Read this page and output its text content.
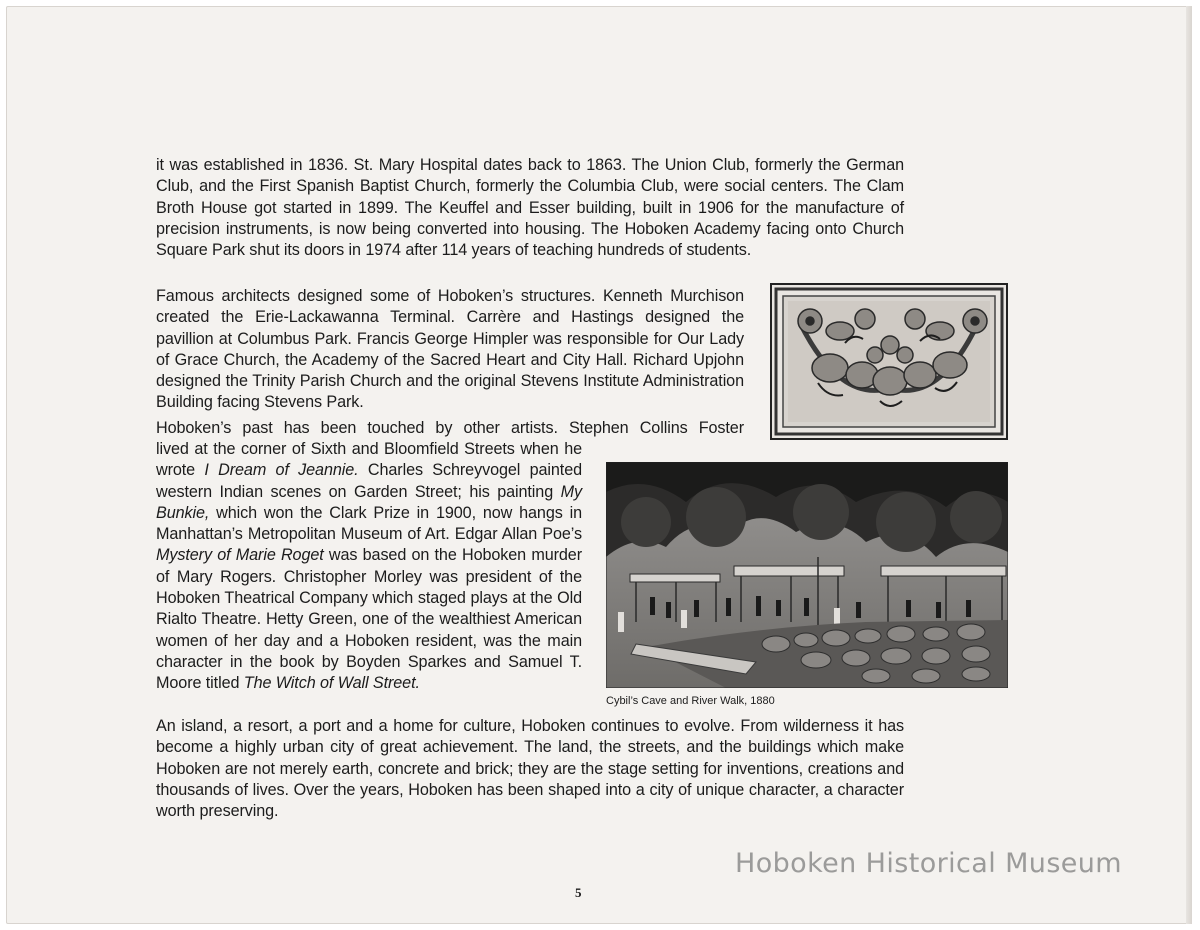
it was established in 1836. St. Mary Hospital dates back to 1863. The Union Club, formerly the German Club, and the First Spanish Baptist Church, formerly the Columbia Club, were social centers. The Clam Broth House got started in 1899. The Keuffel and Esser building, built in 1906 for the manufacture of precision instruments, is now being converted into housing. The Hoboken Academy facing onto Church Square Park shut its doors in 1974 after 114 years of teaching hundreds of students.

Famous architects designed some of Hoboken’s structures. Kenneth Murchison created the Erie-Lackawanna Terminal. Carrère and Hastings designed the pavillion at Columbus Park. Francis George Himpler was responsible for Our Lady of Grace Church, the Academy of the Sacred Heart and City Hall. Richard Upjohn designed the Trinity Parish Church and the original Stevens Institute Administration Building facing Stevens Park.

Hoboken’s past has been touched by other artists. Stephen Collins Foster

lived at the corner of Sixth and Bloomfield Streets when he wrote I Dream of Jeannie. Charles Schreyvogel painted western Indian scenes on Garden Street; his painting My Bunkie, which won the Clark Prize in 1900, now hangs in Manhattan’s Metropolitan Museum of Art. Edgar Allan Poe’s Mystery of Marie Roget was based on the Hoboken murder of Mary Rogers. Christopher Morley was president of the Hoboken Theatrical Company which staged plays at the Old Rialto Theatre. Hetty Green, one of the wealthiest American women of her day and a Hoboken resident, was the main character in the book by Boyden Sparkes and Samuel T. Moore titled The Witch of Wall Street.

Cybil’s Cave and River Walk, 1880

An island, a resort, a port and a home for culture, Hoboken continues to evolve. From wilderness it has become a highly urban city of great achievement. The land, the streets, and the buildings which make Hoboken are not merely earth, concrete and brick; they are the stage setting for inventions, creations and thousands of lives. Over the years, Hoboken has been shaped into a city of unique character, a character worth preserving.

5

Hoboken Historical Museum
